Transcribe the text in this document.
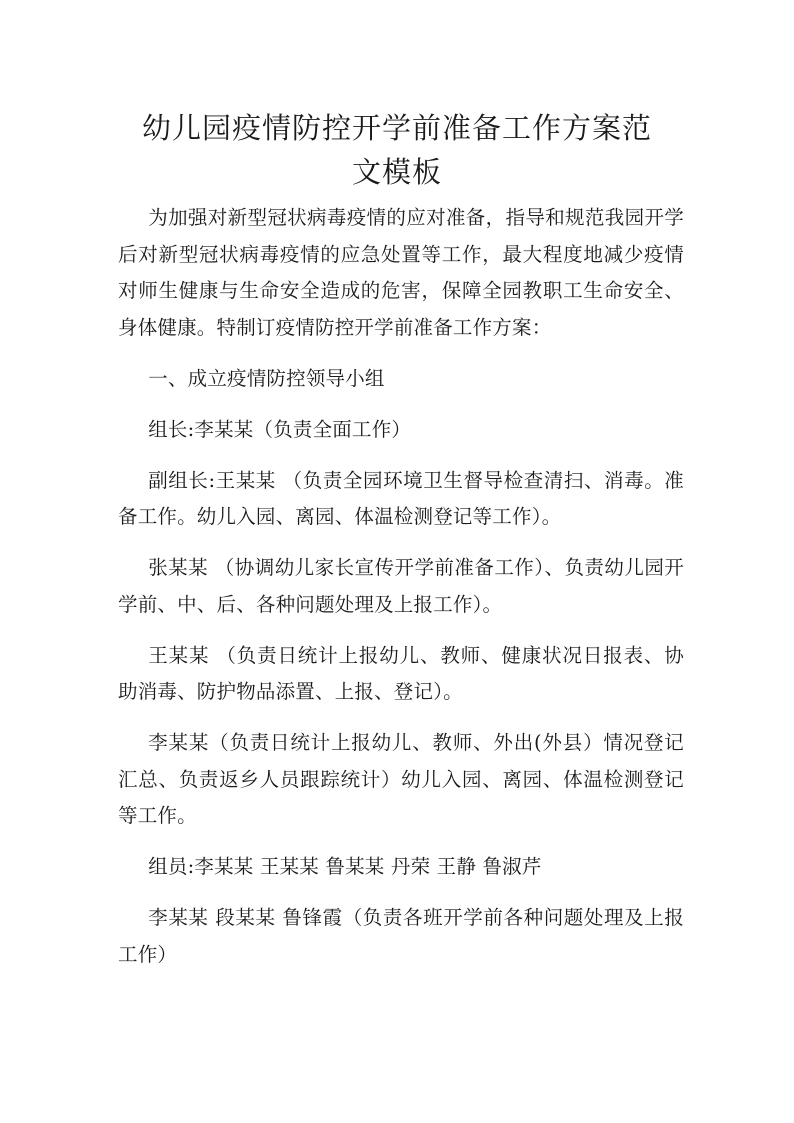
幼儿园疫情防控开学前准备工作方案范
文模板

为加强对新型冠状病毒疫情的应对准备，指导和规范我园开学后对新型冠状病毒疫情的应急处置等工作，最大程度地减少疫情对师生健康与生命安全造成的危害，保障全园教职工生命安全、身体健康。特制订疫情防控开学前准备工作方案：

一、成立疫情防控领导小组

组长:李某某（负责全面工作）

副组长:王某某 （负责全园环境卫生督导检查清扫、消毒。准备工作。幼儿入园、离园、体温检测登记等工作）。

张某某 （协调幼儿家长宣传开学前准备工作）、负责幼儿园开学前、中、后、各种问题处理及上报工作）。

王某某 （负责日统计上报幼儿、教师、健康状况日报表、协助消毒、防护物品添置、上报、登记）。

李某某（负责日统计上报幼儿、教师、外出(外县）情况登记汇总、负责返乡人员跟踪统计）幼儿入园、离园、体温检测登记等工作。

组员:李某某 王某某 鲁某某 丹荣 王静 鲁淑芹

李某某 段某某 鲁锋霞（负责各班开学前各种问题处理及上报工作）
